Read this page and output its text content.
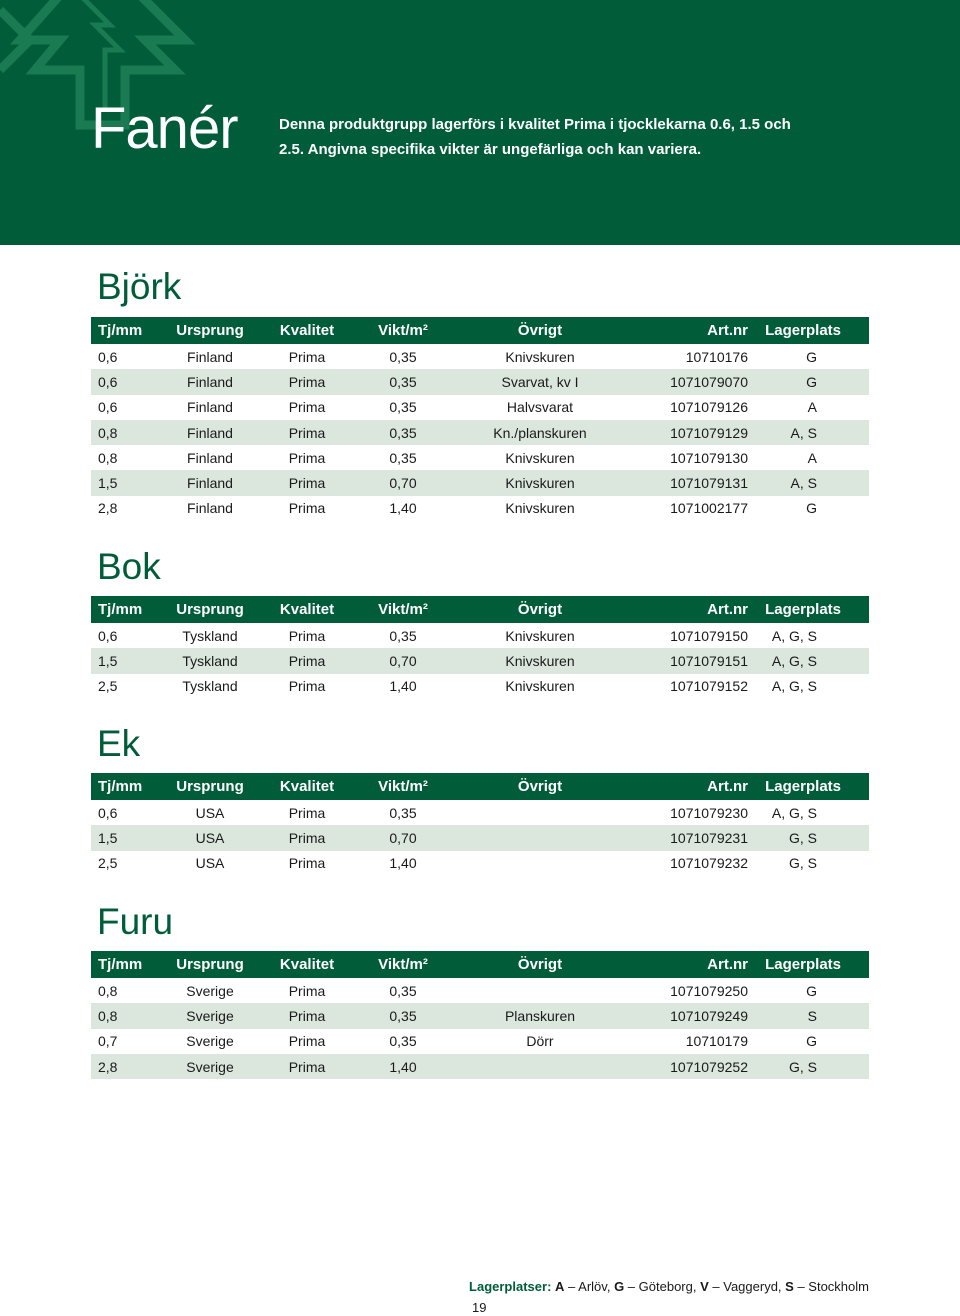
Fanér	Denna produktgrupp lagerförs i kvalitet Prima i tjocklekarna 0.6, 1.5 och 2.5. Angivna specifika vikter är ungefärliga och kan variera.

Björk
Tj/mm	Ursprung	Kvalitet	Vikt/m²	Övrigt	Art.nr	Lagerplats
0,6	Finland	Prima	0,35	Knivskuren	10710176	G
0,6	Finland	Prima	0,35	Svarvat, kv I	1071079070	G
0,6	Finland	Prima	0,35	Halvsvarat	1071079126	A
0,8	Finland	Prima	0,35	Kn./planskuren	1071079129	A, S
0,8	Finland	Prima	0,35	Knivskuren	1071079130	A
1,5	Finland	Prima	0,70	Knivskuren	1071079131	A, S
2,8	Finland	Prima	1,40	Knivskuren	1071002177	G
Bok
Tj/mm	Ursprung	Kvalitet	Vikt/m²	Övrigt	Art.nr	Lagerplats
0,6	Tyskland	Prima	0,35	Knivskuren	1071079150	A, G, S
1,5	Tyskland	Prima	0,70	Knivskuren	1071079151	A, G, S
2,5	Tyskland	Prima	1,40	Knivskuren	1071079152	A, G, S
Ek
Tj/mm	Ursprung	Kvalitet	Vikt/m²	Övrigt	Art.nr	Lagerplats
0,6	USA	Prima	0,35		1071079230	A, G, S
1,5	USA	Prima	0,70		1071079231	G, S
2,5	USA	Prima	1,40		1071079232	G, S
Furu
Tj/mm	Ursprung	Kvalitet	Vikt/m²	Övrigt	Art.nr	Lagerplats
0,8	Sverige	Prima	0,35		1071079250	G
0,8	Sverige	Prima	0,35	Planskuren	1071079249	S
0,7	Sverige	Prima	0,35	Dörr	10710179	G
2,8	Sverige	Prima	1,40		1071079252	G, S

Lagerplatser: A – Arlöv, G – Göteborg, V – Vaggeryd, S – Stockholm

19
